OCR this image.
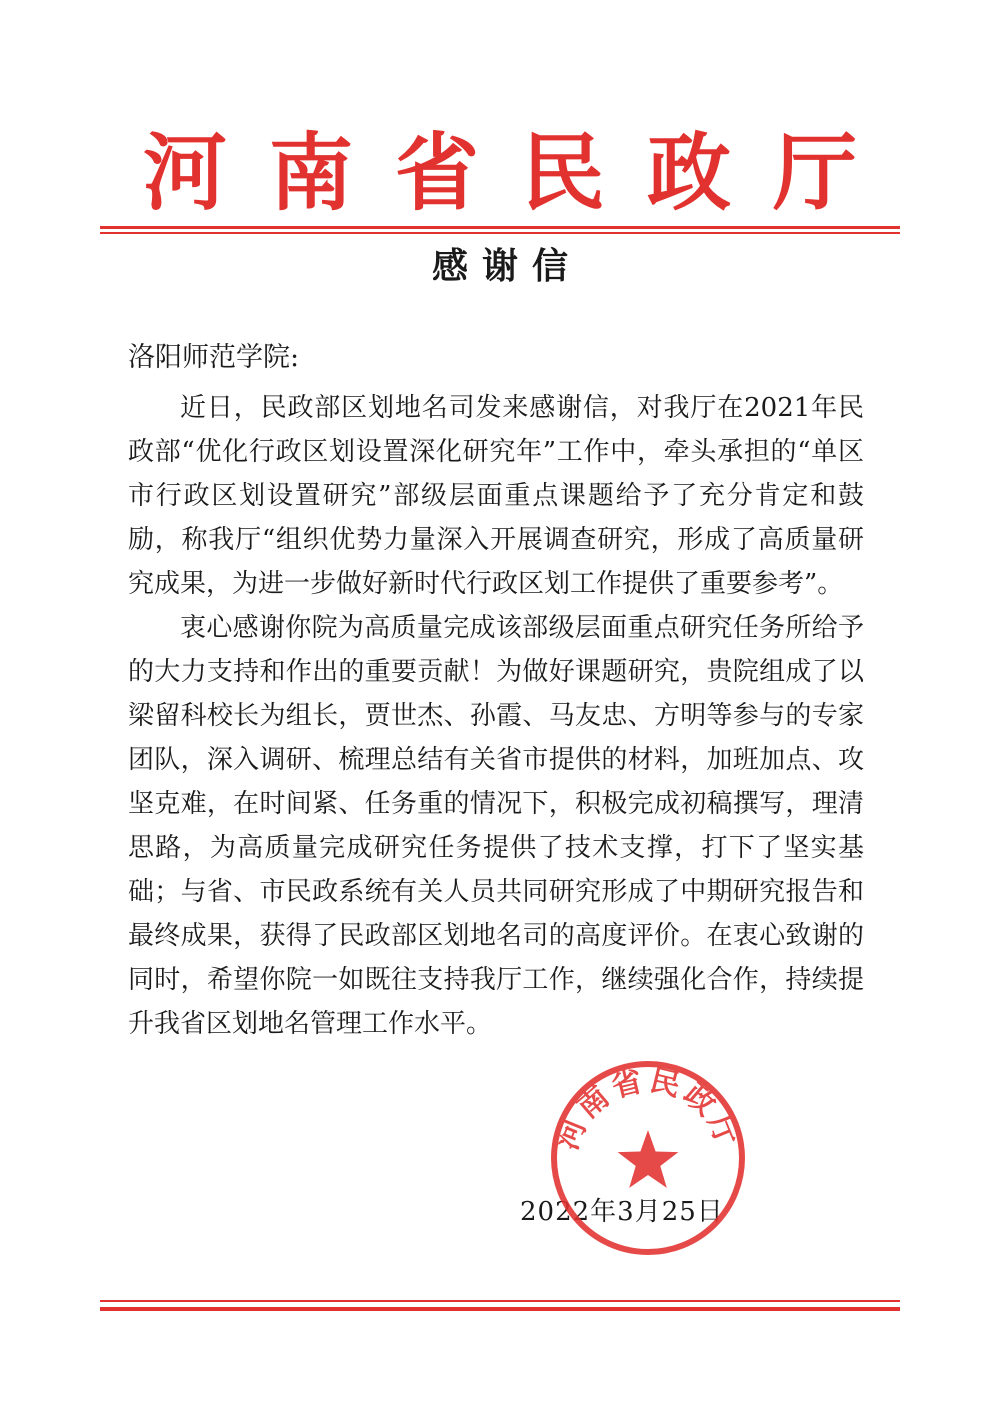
河南省民政厅
感谢信
洛阳师范学院:

近日，民政部区划地名司发来感谢信，对我厅在2021年民政部“优化行政区划设置深化研究年”工作中，牵头承担的“单区市行政区划设置研究”部级层面重点课题给予了充分肯定和鼓励，称我厅“组织优势力量深入开展调查研究，形成了高质量研究成果，为进一步做好新时代行政区划工作提供了重要参考”。

衷心感谢你院为高质量完成该部级层面重点研究任务所给予的大力支持和作出的重要贡献！为做好课题研究，贵院组成了以梁留科校长为组长，贾世杰、孙霞、马友忠、方明等参与的专家团队，深入调研、梳理总结有关省市提供的材料，加班加点、攻坚克难，在时间紧、任务重的情况下，积极完成初稿撰写，理清思路，为高质量完成研究任务提供了技术支撑，打下了坚实基础；与省、市民政系统有关人员共同研究形成了中期研究报告和最终成果，获得了民政部区划地名司的高度评价。在衷心致谢的同时，希望你院一如既往支持我厅工作，继续强化合作，持续提升我省区划地名管理工作水平。

2022年3月25日
河南省民政厅
